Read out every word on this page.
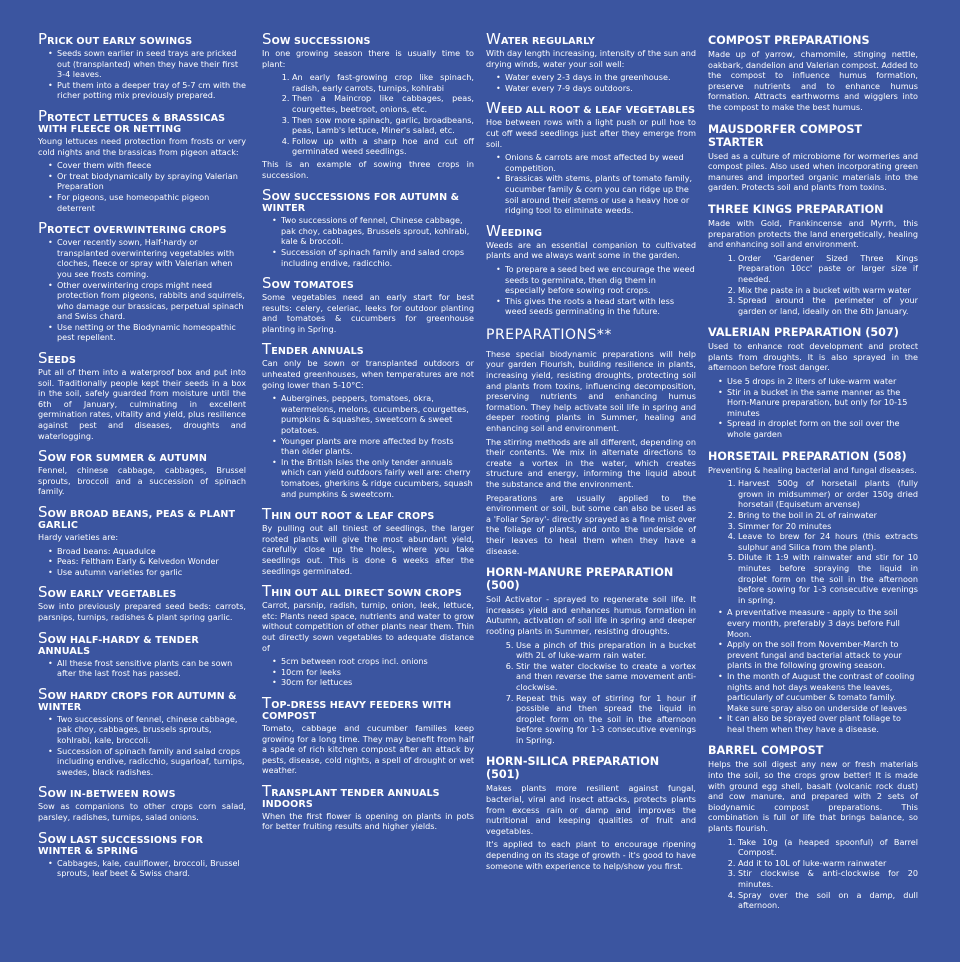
PRICK OUT EARLY SOWINGS
• Seeds sown earlier in seed trays are pricked out (transplanted) when they have their first 3-4 leaves.
• Put them into a deeper tray of 5-7 cm with the richer potting mix previously prepared.
PROTECT LETTUCES & BRASSICAS WITH FLEECE OR NETTING
Young lettuces need protection from frosts or very cold nights and the brassicas from pigeon attack:
• Cover them with fleece
• Or treat biodynamically by spraying Valerian Preparation
• For pigeons, use homeopathic pigeon deterrent
PROTECT OVERWINTERING CROPS
• Cover recently sown, Half-hardy or transplanted overwintering vegetables with cloches, fleece or spray with Valerian when you see frosts coming.
• Other overwintering crops might need protection from pigeons, rabbits and squirrels, who damage our brassicas, perpetual spinach and Swiss chard.
• Use netting or the Biodynamic homeopathic pest repellent.
SEEDS
Put all of them into a waterproof box and put into soil. Traditionally people kept their seeds in a box in the soil, safely guarded from moisture until the 6th of January, culminating in excellent germination rates, vitality and yield, plus resilience against pest and diseases, droughts and waterlogging.
SOW FOR SUMMER & AUTUMN
Fennel, chinese cabbage, cabbages, Brussel sprouts, broccoli and a succession of spinach family.
SOW BROAD BEANS, PEAS & PLANT GARLIC
Hardy varieties are:
• Broad beans: Aquadulce
• Peas: Feltham Early & Kelvedon Wonder
• Use autumn varieties for garlic
SOW EARLY VEGETABLES
Sow into previously prepared seed beds: carrots, parsnips, turnips, radishes & plant spring garlic.
SOW HALF-HARDY & TENDER ANNUALS
• All these frost sensitive plants can be sown after the last frost has passed.
SOW HARDY CROPS FOR AUTUMN & WINTER
• Two successions of fennel, chinese cabbage, pak choy, cabbages, brussels sprouts, kohlrabi, kale, broccoli.
• Succession of spinach family and salad crops including endive, radicchio, sugarloaf, turnips, swedes, black radishes.
SOW IN-BETWEEN ROWS
Sow as companions to other crops corn salad, parsley, radishes, turnips, salad onions.
SOW LAST SUCCESSIONS FOR WINTER & SPRING
• Cabbages, kale, cauliflower, broccoli, Brussel sprouts, leaf beet & Swiss chard.
SOW SUCCESSIONS
In one growing season there is usually time to plant:
1. An early fast-growing crop like spinach, radish, early carrots, turnips, kohlrabi
2. Then a Maincrop like cabbages, peas, courgettes, beetroot, onions, etc.
3. Then sow more spinach, garlic, broadbeans, peas, Lamb's lettuce, Miner's salad, etc.
4. Follow up with a sharp hoe and cut off germinated weed seedlings.
This is an example of sowing three crops in succession.
SOW SUCCESSIONS FOR AUTUMN & WINTER
• Two successions of fennel, Chinese cabbage, pak choy, cabbages, Brussels sprout, kohlrabi, kale & broccoli.
• Succession of spinach family and salad crops including endive, radicchio.
SOW TOMATOES
Some vegetables need an early start for best results: celery, celeriac, leeks for outdoor planting and tomatoes & cucumbers for greenhouse planting in Spring.
TENDER ANNUALS
Can only be sown or transplanted outdoors or unheated greenhouses, when temperatures are not going lower than 5-10°C:
• Aubergines, peppers, tomatoes, okra, watermelons, melons, cucumbers, courgettes, pumpkins & squashes, sweetcorn & sweet potatoes.
• Younger plants are more affected by frosts than older plants.
• In the British Isles the only tender annuals which can yield outdoors fairly well are: cherry tomatoes, gherkins & ridge cucumbers, squash and pumpkins & sweetcorn.
THIN OUT ROOT & LEAF CROPS
By pulling out all tiniest of seedlings, the larger rooted plants will give the most abundant yield, carefully close up the holes, where you take seedlings out. This is done 6 weeks after the seedlings germinated.
THIN OUT ALL DIRECT SOWN CROPS
Carrot, parsnip, radish, turnip, onion, leek, lettuce, etc: Plants need space, nutrients and water to grow without competition of other plants near them. Thin out directly sown vegetables to adequate distance of
• 5cm between root crops incl. onions
• 10cm for leeks
• 30cm for lettuces
TOP-DRESS HEAVY FEEDERS WITH COMPOST
Tomato, cabbage and cucumber families keep growing for a long time. They may benefit from half a spade of rich kitchen compost after an attack by pests, disease, cold nights, a spell of drought or wet weather.
TRANSPLANT TENDER ANNUALS INDOORS
When the first flower is opening on plants in pots for better fruiting results and higher yields.
WATER REGULARLY
With day length increasing, intensity of the sun and drying winds, water your soil well:
• Water every 2-3 days in the greenhouse.
• Water every 7-9 days outdoors.
WEED ALL ROOT & LEAF VEGETABLES
Hoe between rows with a light push or pull hoe to cut off weed seedlings just after they emerge from soil.
• Onions & carrots are most affected by weed competition.
• Brassicas with stems, plants of tomato family, cucumber family & corn you can ridge up the soil around their stems or use a heavy hoe or ridging tool to eliminate weeds.
WEEDING
Weeds are an essential companion to cultivated plants and we always want some in the garden.
• To prepare a seed bed we encourage the weed seeds to germinate, then dig them in especially before sowing root crops.
• This gives the roots a head start with less weed seeds germinating in the future.
PREPARATIONS**
These special biodynamic preparations will help your garden Flourish, building resilience in plants, increasing yield, resisting droughts, protecting soil and plants from toxins, influencing decomposition, preserving nutrients and enhancing humus formation. They help activate soil life in spring and deeper rooting plants in Summer, healing and enhancing soil and environment.
The stirring methods are all different, depending on their contents. We mix in alternate directions to create a vortex in the water, which creates structure and energy, informing the liquid about the substance and the environment.
Preparations are usually applied to the environment or soil, but some can also be used as a 'Foliar Spray'- directly sprayed as a fine mist over the foliage of plants, and onto the underside of their leaves to heal them when they have a disease.
HORN-MANURE PREPARATION (500)
Soil Activator - sprayed to regenerate soil life. It increases yield and enhances humus formation in Autumn, activation of soil life in spring and deeper rooting plants in Summer, resisting droughts.
5. Use a pinch of this preparation in a bucket with 2L of luke-warm rain water.
6. Stir the water clockwise to create a vortex and then reverse the same movement anti-clockwise.
7. Repeat this way of stirring for 1 hour if possible and then spread the liquid in droplet form on the soil in the afternoon before sowing for 1-3 consecutive evenings in Spring.
HORN-SILICA PREPARATION (501)
Makes plants more resilient against fungal, bacterial, viral and insect attacks, protects plants from excess rain or damp and improves the nutritional and keeping qualities of fruit and vegetables.
It's applied to each plant to encourage ripening depending on its stage of growth - it's good to have someone with experience to help/show you first.
COMPOST PREPARATIONS
Made up of yarrow, chamomile, stinging nettle, oakbark, dandelion and Valerian compost. Added to the compost to influence humus formation, preserve nutrients and to enhance humus formation. Attracts earthworms and wigglers into the compost to make the best humus.
MAUSDORFER COMPOST STARTER
Used as a culture of microbiome for wormeries and compost piles. Also used when incorporating green manures and imported organic materials into the garden. Protects soil and plants from toxins.
THREE KINGS PREPARATION
Made with Gold, Frankincense and Myrrh, this preparation protects the land energetically, healing and enhancing soil and environment.
1. Order 'Gardener Sized Three Kings Preparation 10cc' paste or larger size if needed.
2. Mix the paste in a bucket with warm water
3. Spread around the perimeter of your garden or land, ideally on the 6th January.
VALERIAN PREPARATION (507)
Used to enhance root development and protect plants from droughts. It is also sprayed in the afternoon before frost danger.
• Use 5 drops in 2 liters of luke-warm water
• Stir in a bucket in the same manner as the Horn-Manure preparation, but only for 10-15 minutes
• Spread in droplet form on the soil over the whole garden
HORSETAIL PREPARATION (508)
Preventing & healing bacterial and fungal diseases.
1. Harvest 500g of horsetail plants (fully grown in midsummer) or order 150g dried horsetail (Equisetum arvense)
2. Bring to the boil in 2L of rainwater
3. Simmer for 20 minutes
4. Leave to brew for 24 hours (this extracts sulphur and Silica from the plant).
5. Dilute it 1:9 with rainwater and stir for 10 minutes before spraying the liquid in droplet form on the soil in the afternoon before sowing for 1-3 consecutive evenings in spring.
• A preventative measure - apply to the soil every month, preferably 3 days before Full Moon.
• Apply on the soil from November-March to prevent fungal and bacterial attack to your plants in the following growing season.
• In the month of August the contrast of cooling nights and hot days weakens the leaves, particularly of cucumber & tomato family. Make sure spray also on underside of leaves
• It can also be sprayed over plant foliage to heal them when they have a disease.
BARREL COMPOST
Helps the soil digest any new or fresh materials into the soil, so the crops grow better! It is made with ground egg shell, basalt (volcanic rock dust) and cow manure, and prepared with 2 sets of biodynamic compost preparations. This combination is full of life that brings balance, so plants flourish.
1. Take 10g (a heaped spoonful) of Barrel Compost.
2. Add it to 10L of luke-warm rainwater
3. Stir clockwise & anti-clockwise for 20 minutes.
4. Spray over the soil on a damp, dull afternoon.
